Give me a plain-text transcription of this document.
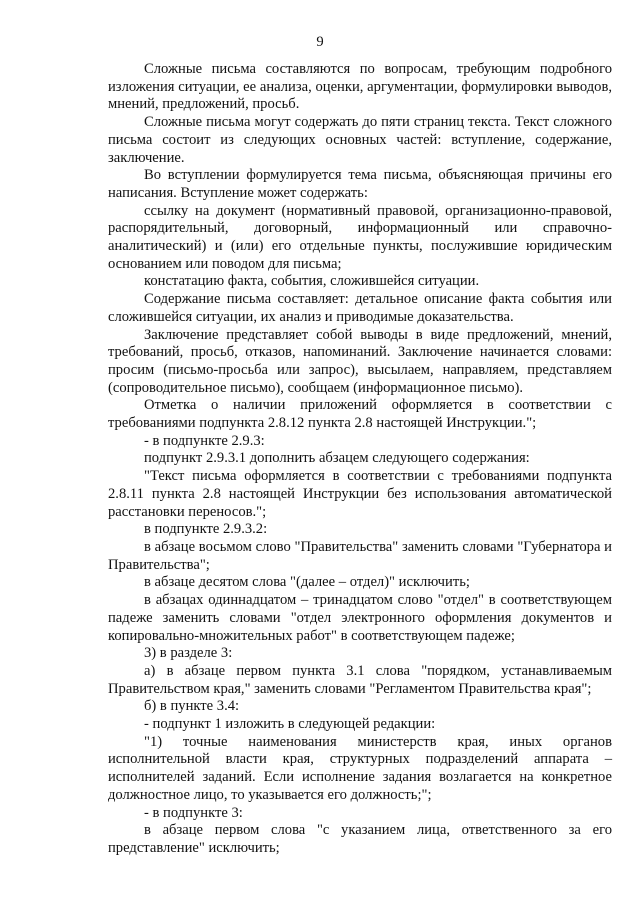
9

Сложные письма составляются по вопросам, требующим подробного изложения ситуации, ее анализа, оценки, аргументации, формулировки выводов, мнений, предложений, просьб.

Сложные письма могут содержать до пяти страниц текста. Текст сложного письма состоит из следующих основных частей: вступление, содержание, заключение.

Во вступлении формулируется тема письма, объясняющая причины его написания. Вступление может содержать:

ссылку на документ (нормативный правовой, организационно-правовой, распорядительный, договорный, информационный или справочно-аналитический) и (или) его отдельные пункты, послужившие юридическим основанием или поводом для письма;

констатацию факта, события, сложившейся ситуации.

Содержание письма составляет: детальное описание факта события или сложившейся ситуации, их анализ и приводимые доказательства.

Заключение представляет собой выводы в виде предложений, мнений, требований, просьб, отказов, напоминаний. Заключение начинается словами: просим (письмо-просьба или запрос), высылаем, направляем, представляем (сопроводительное письмо), сообщаем (информационное письмо).

Отметка о наличии приложений оформляется в соответствии с требованиями подпункта 2.8.12 пункта 2.8 настоящей Инструкции.";

- в подпункте 2.9.3:

подпункт 2.9.3.1 дополнить абзацем следующего содержания:

"Текст письма оформляется в соответствии с требованиями подпункта 2.8.11 пункта 2.8 настоящей Инструкции без использования автоматической расстановки переносов.";

в подпункте 2.9.3.2:

в абзаце восьмом слово "Правительства" заменить словами "Губернатора и Правительства";

в абзаце десятом слова "(далее – отдел)" исключить;

в абзацах одиннадцатом – тринадцатом слово "отдел" в соответствующем падеже заменить словами "отдел электронного оформления документов и копировально-множительных работ" в соответствующем падеже;

3) в разделе 3:

а) в абзаце первом пункта 3.1 слова "порядком, устанавливаемым Правительством края," заменить словами "Регламентом Правительства края";

б) в пункте 3.4:

- подпункт 1 изложить в следующей редакции:

"1) точные наименования министерств края, иных органов исполнительной власти края, структурных подразделений аппарата – исполнителей заданий. Если исполнение задания возлагается на конкретное должностное лицо, то указывается его должность;";

- в подпункте 3:

в абзаце первом слова "с указанием лица, ответственного за его представление" исключить;
